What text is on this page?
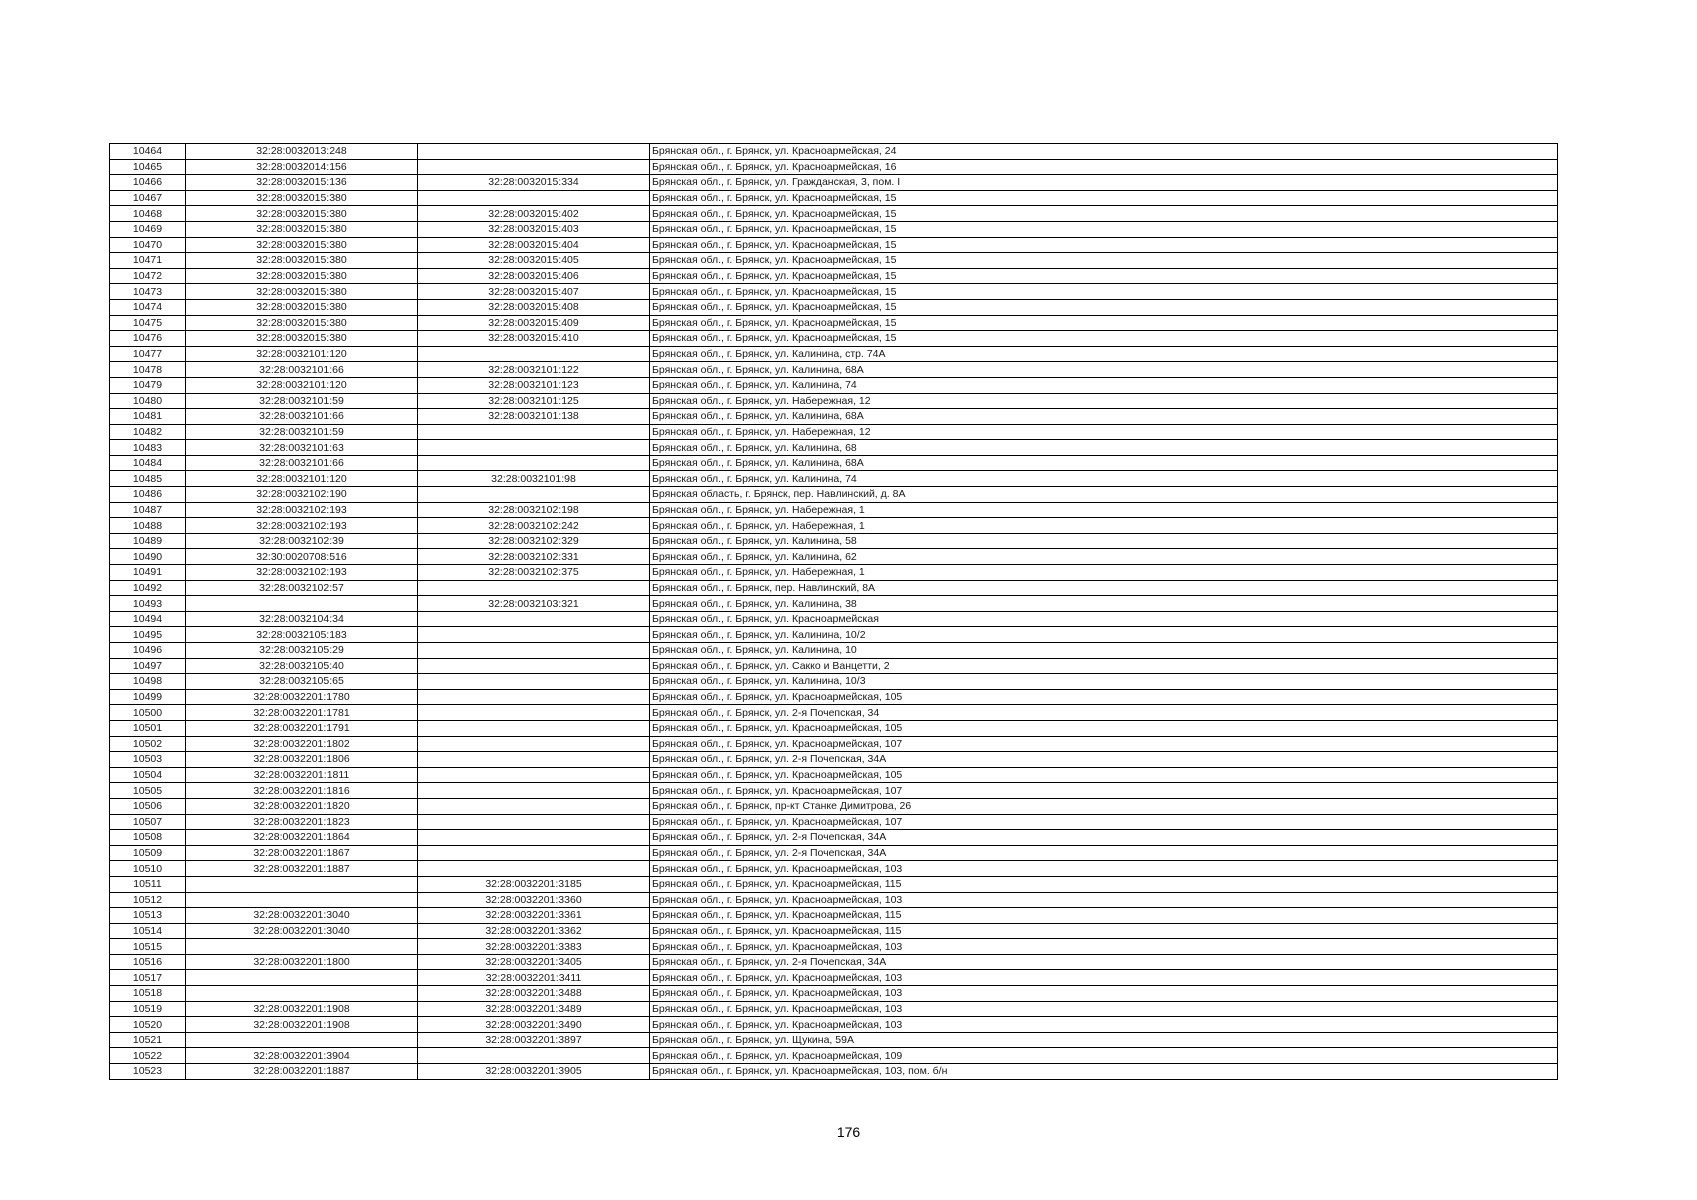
10464	32:28:0032013:248		Брянская обл., г. Брянск, ул. Красноармейская, 24
10465	32:28:0032014:156		Брянская обл., г. Брянск, ул. Красноармейская, 16
10466	32:28:0032015:136	32:28:0032015:334	Брянская обл., г. Брянск, ул. Гражданская, 3, пом. I
10467	32:28:0032015:380		Брянская обл., г. Брянск, ул. Красноармейская, 15
10468	32:28:0032015:380	32:28:0032015:402	Брянская обл., г. Брянск, ул. Красноармейская, 15
10469	32:28:0032015:380	32:28:0032015:403	Брянская обл., г. Брянск, ул. Красноармейская, 15
10470	32:28:0032015:380	32:28:0032015:404	Брянская обл., г. Брянск, ул. Красноармейская, 15
10471	32:28:0032015:380	32:28:0032015:405	Брянская обл., г. Брянск, ул. Красноармейская, 15
10472	32:28:0032015:380	32:28:0032015:406	Брянская обл., г. Брянск, ул. Красноармейская, 15
10473	32:28:0032015:380	32:28:0032015:407	Брянская обл., г. Брянск, ул. Красноармейская, 15
10474	32:28:0032015:380	32:28:0032015:408	Брянская обл., г. Брянск, ул. Красноармейская, 15
10475	32:28:0032015:380	32:28:0032015:409	Брянская обл., г. Брянск, ул. Красноармейская, 15
10476	32:28:0032015:380	32:28:0032015:410	Брянская обл., г. Брянск, ул. Красноармейская, 15
10477	32:28:0032101:120		Брянская обл., г. Брянск, ул. Калинина, стр. 74А
10478	32:28:0032101:66	32:28:0032101:122	Брянская обл., г. Брянск, ул. Калинина, 68А
10479	32:28:0032101:120	32:28:0032101:123	Брянская обл., г. Брянск, ул. Калинина, 74
10480	32:28:0032101:59	32:28:0032101:125	Брянская обл., г. Брянск, ул. Набережная, 12
10481	32:28:0032101:66	32:28:0032101:138	Брянская обл., г. Брянск, ул. Калинина, 68А
10482	32:28:0032101:59		Брянская обл., г. Брянск, ул. Набережная, 12
10483	32:28:0032101:63		Брянская обл., г. Брянск, ул. Калинина, 68
10484	32:28:0032101:66		Брянская обл., г. Брянск, ул. Калинина, 68А
10485	32:28:0032101:120	32:28:0032101:98	Брянская обл., г. Брянск, ул. Калинина, 74
10486	32:28:0032102:190		Брянская область, г. Брянск, пер. Навлинский, д. 8А
10487	32:28:0032102:193	32:28:0032102:198	Брянская обл., г. Брянск, ул. Набережная, 1
10488	32:28:0032102:193	32:28:0032102:242	Брянская обл., г. Брянск, ул. Набережная, 1
10489	32:28:0032102:39	32:28:0032102:329	Брянская обл., г. Брянск, ул. Калинина, 58
10490	32:30:0020708:516	32:28:0032102:331	Брянская обл., г. Брянск, ул. Калинина, 62
10491	32:28:0032102:193	32:28:0032102:375	Брянская обл., г. Брянск, ул. Набережная, 1
10492	32:28:0032102:57		Брянская обл., г. Брянск, пер. Навлинский, 8А
10493		32:28:0032103:321	Брянская обл., г. Брянск, ул. Калинина, 38
10494	32:28:0032104:34		Брянская обл., г. Брянск, ул. Красноармейская
10495	32:28:0032105:183		Брянская обл., г. Брянск, ул. Калинина, 10/2
10496	32:28:0032105:29		Брянская обл., г. Брянск, ул. Калинина, 10
10497	32:28:0032105:40		Брянская обл., г. Брянск, ул. Сакко и Ванцетти, 2
10498	32:28:0032105:65		Брянская обл., г. Брянск, ул. Калинина, 10/3
10499	32:28:0032201:1780		Брянская обл., г. Брянск, ул. Красноармейская, 105
10500	32:28:0032201:1781		Брянская обл., г. Брянск, ул. 2-я Почепская, 34
10501	32:28:0032201:1791		Брянская обл., г. Брянск, ул. Красноармейская, 105
10502	32:28:0032201:1802		Брянская обл., г. Брянск, ул. Красноармейская, 107
10503	32:28:0032201:1806		Брянская обл., г. Брянск, ул. 2-я Почепская, 34А
10504	32:28:0032201:1811		Брянская обл., г. Брянск, ул. Красноармейская, 105
10505	32:28:0032201:1816		Брянская обл., г. Брянск, ул. Красноармейская, 107
10506	32:28:0032201:1820		Брянская обл., г. Брянск, пр-кт Станке Димитрова, 26
10507	32:28:0032201:1823		Брянская обл., г. Брянск, ул. Красноармейская, 107
10508	32:28:0032201:1864		Брянская обл., г. Брянск, ул. 2-я Почепская, 34А
10509	32:28:0032201:1867		Брянская обл., г. Брянск, ул. 2-я Почепская, 34А
10510	32:28:0032201:1887		Брянская обл., г. Брянск, ул. Красноармейская, 103
10511		32:28:0032201:3185	Брянская обл., г. Брянск, ул. Красноармейская, 115
10512		32:28:0032201:3360	Брянская обл., г. Брянск, ул. Красноармейская, 103
10513	32:28:0032201:3040	32:28:0032201:3361	Брянская обл., г. Брянск, ул. Красноармейская, 115
10514	32:28:0032201:3040	32:28:0032201:3362	Брянская обл., г. Брянск, ул. Красноармейская, 115
10515		32:28:0032201:3383	Брянская обл., г. Брянск, ул. Красноармейская, 103
10516	32:28:0032201:1800	32:28:0032201:3405	Брянская обл., г. Брянск, ул. 2-я Почепская, 34А
10517		32:28:0032201:3411	Брянская обл., г. Брянск, ул. Красноармейская, 103
10518		32:28:0032201:3488	Брянская обл., г. Брянск, ул. Красноармейская, 103
10519	32:28:0032201:1908	32:28:0032201:3489	Брянская обл., г. Брянск, ул. Красноармейская, 103
10520	32:28:0032201:1908	32:28:0032201:3490	Брянская обл., г. Брянск, ул. Красноармейская, 103
10521		32:28:0032201:3897	Брянская обл., г. Брянск, ул. Щукина, 59А
10522	32:28:0032201:3904		Брянская обл., г. Брянск, ул. Красноармейская, 109
10523	32:28:0032201:1887	32:28:0032201:3905	Брянская обл., г. Брянск, ул. Красноармейская, 103, пом. б/н
176
